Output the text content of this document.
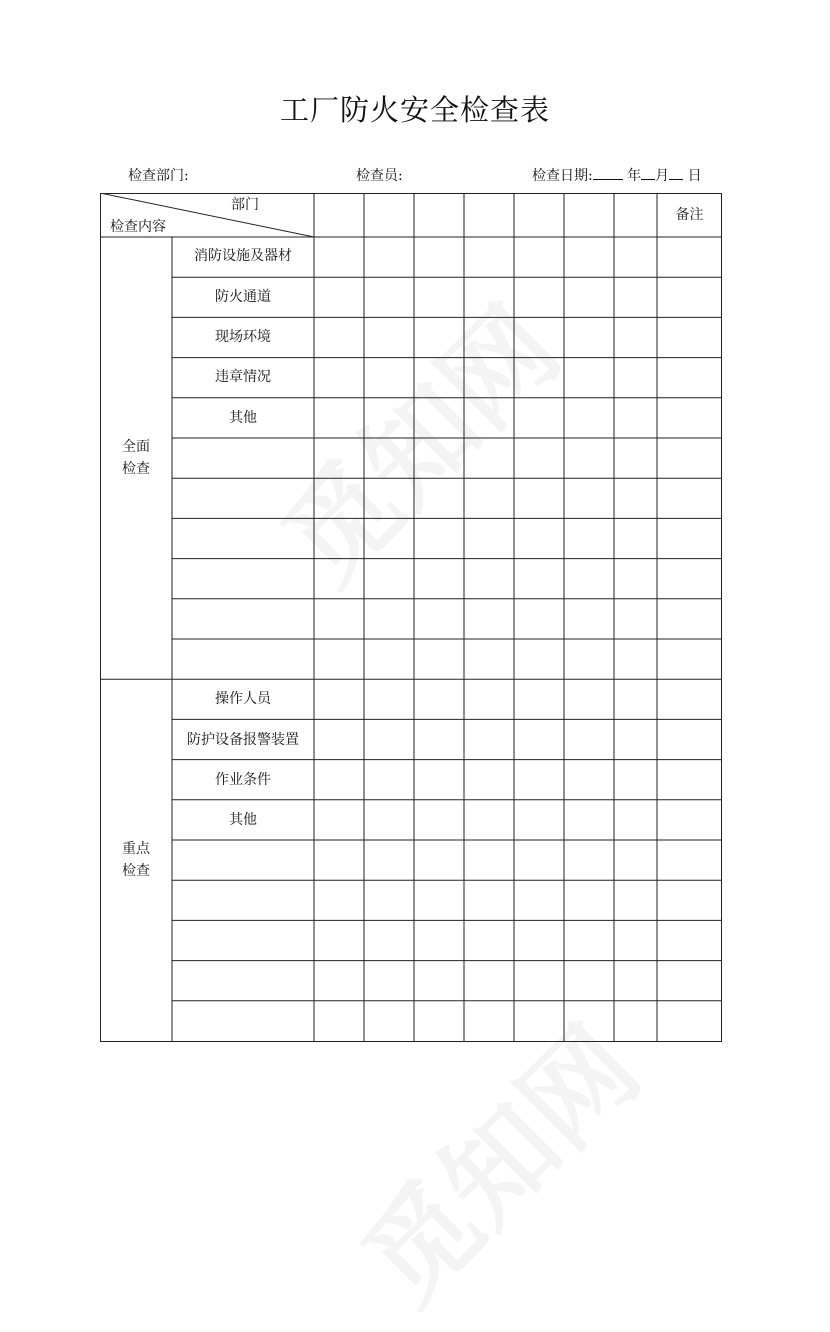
工厂防火安全检查表
检查部门:	检查员:	检查日期: 年 月 日
部门
检查内容
备注
全面
检查
重点
检查
消防设施及器材
防火通道
现场环境
违章情况
其他
操作人员
防护设备报警装置
作业条件
其他
